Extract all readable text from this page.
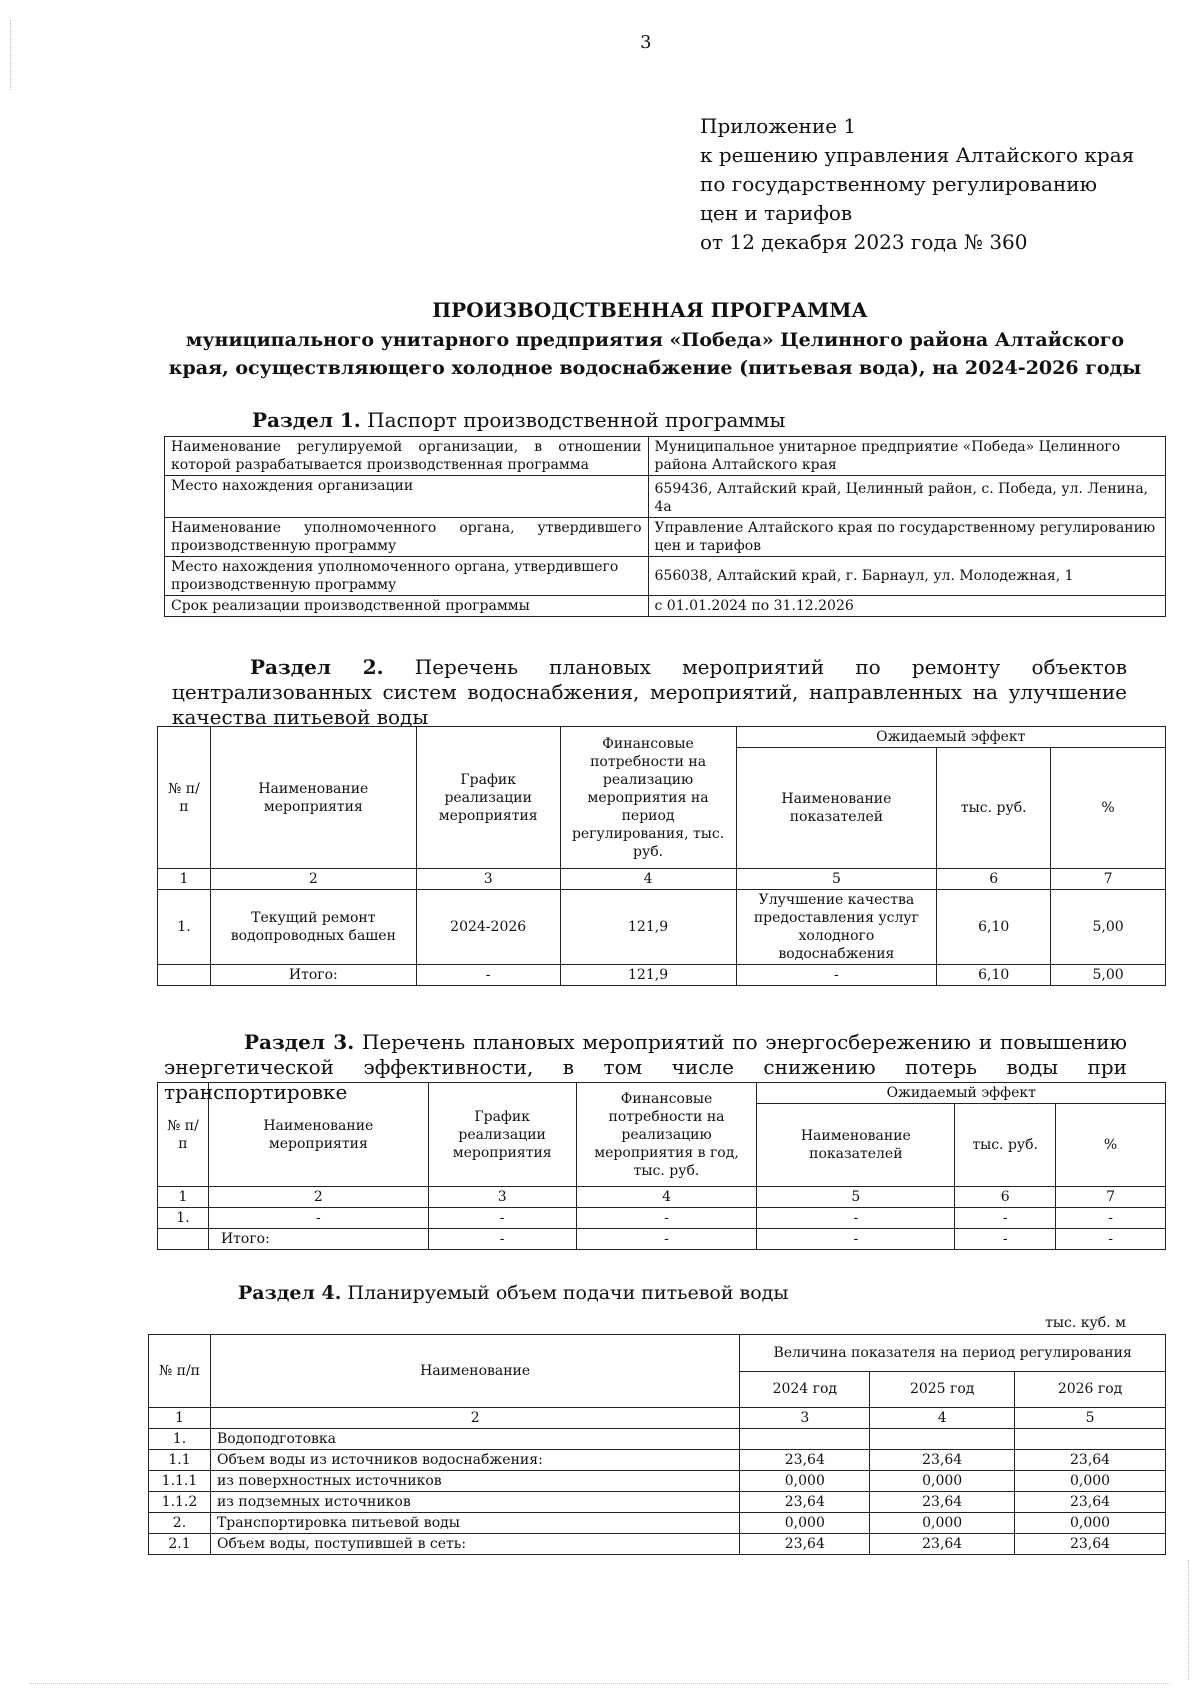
3
Приложение 1
к решению управления Алтайского края
по государственному регулированию
цен и тарифов
от 12 декабря 2023 года № 360
ПРОИЗВОДСТВЕННАЯ ПРОГРАММА
муниципального унитарного предприятия «Победа» Целинного района Алтайского
края, осуществляющего холодное водоснабжение (питьевая вода), на 2024-2026 годы
Раздел 1. Паспорт производственной программы
Наименование регулируемой организации, в отношении которой разрабатывается производственная программа	Муниципальное унитарное предприятие «Победа» Целинного района Алтайского края
Место нахождения организации	659436, Алтайский край, Целинный район, с. Победа, ул. Ленина, 4а
Наименование уполномоченного органа, утвердившего производственную программу	Управление Алтайского края по государственному регулированию цен и тарифов
Место нахождения уполномоченного органа, утвердившего производственную программу	656038, Алтайский край, г. Барнаул, ул. Молодежная, 1
Срок реализации производственной программы	с 01.01.2024 по 31.12.2026
Раздел 2. Перечень плановых мероприятий по ремонту объектов централизованных систем водоснабжения, мероприятий, направленных на улучшение качества питьевой воды
№ п/п	Наименование мероприятия	График реализации мероприятия	Финансовые потребности на реализацию мероприятия на период регулирования, тыс. руб.	Ожидаемый эффект		
				Наименование показателей	тыс. руб.	%
1	2	3	4	5	6	7
1.	Текущий ремонт водопроводных башен	2024-2026	121,9	Улучшение качества предоставления услуг холодного водоснабжения	6,10	5,00
	Итого:	-	121,9	-	6,10	5,00
Раздел 3. Перечень плановых мероприятий по энергосбережению и повышению энергетической эффективности, в том числе снижению потерь воды при транспортировке
№ п/п	Наименование мероприятия	График реализации мероприятия	Финансовые потребности на реализацию мероприятия в год, тыс. руб.	Ожидаемый эффект		
				Наименование показателей	тыс. руб.	%
1	2	3	4	5	6	7
1.	-	-	-	-	-	-
	Итого:	-	-	-	-	-
Раздел 4. Планируемый объем подачи питьевой воды
тыс. куб. м
№ п/п	Наименование	Величина показателя на период регулирования		
		2024 год	2025 год	2026 год
1	2	3	4	5
1.	Водоподготовка			
1.1	Объем воды из источников водоснабжения:	23,64	23,64	23,64
1.1.1	из поверхностных источников	0,000	0,000	0,000
1.1.2	из подземных источников	23,64	23,64	23,64
2.	Транспортировка питьевой воды	0,000	0,000	0,000
2.1	Объем воды, поступившей в сеть:	23,64	23,64	23,64
